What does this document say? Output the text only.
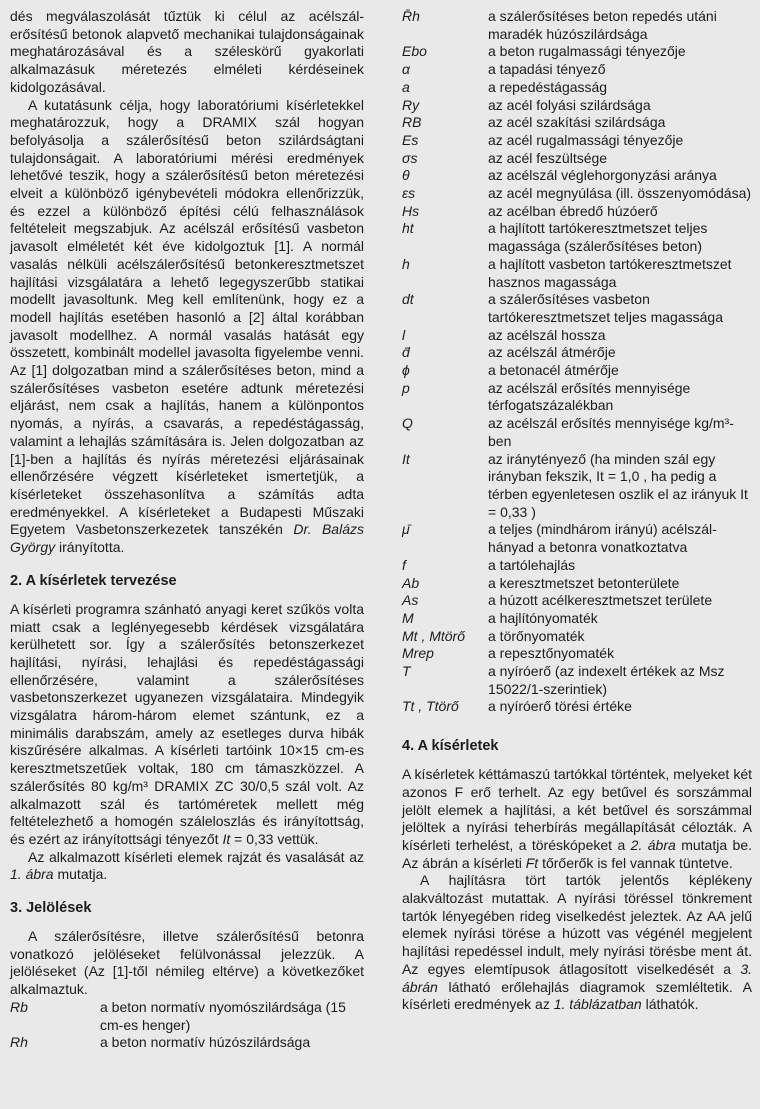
dés megválaszolását tűztük ki célul az acélszál-erősítésű betonok alapvető mechanikai tulajdonságainak meghatározásával és a széleskörű gyakorlati alkalmazásuk méretezés elméleti kérdéseinek kidolgozásával.

A kutatásunk célja, hogy laboratóriumi kísérletekkel meghatározzuk, hogy a DRAMIX szál hogyan befolyásolja a szálerősítésű beton szilárdságtani tulajdonságait. A laboratóriumi mérési eredmények lehetővé teszik, hogy a szálerősítésű beton méretezési elveit a különböző igénybevételi módokra ellenőrizzük, és ezzel a különböző építési célú felhasználások feltételeit megszabjuk. Az acélszál erősítésű vasbeton javasolt elméletét két éve kidolgoztuk [1]. A normál vasalás nélküli acélszálerősítésű betonkeresztmetszet hajlítási vizsgálatára a lehető legegyszerűbb statikai modellt javasoltunk. Meg kell említenünk, hogy ez a modell hajlítás esetében hasonló a [2] által korábban javasolt modellhez. A normál vasalás hatását egy összetett, kombinált modellel javasolta figyelembe venni. Az [1] dolgozatban mind a szálerősítéses beton, mind a szálerősítéses vasbeton esetére adtunk méretezési eljárást, nem csak a hajlítás, hanem a különpontos nyomás, a nyírás, a csavarás, a repedéstágasság, valamint a lehajlás számítására is. Jelen dolgozatban az [1]-ben a hajlítás és nyírás méretezési eljárásainak ellenőrzésére végzett kísérleteket ismertetjük, a kísérleteket összehasonlítva a számítás adta eredményekkel. A kísérleteket a Budapesti Műszaki Egyetem Vasbetonszerkezetek tanszékén Dr. Balázs György irányította.

2. A kísérletek tervezése

A kísérleti programra szánható anyagi keret szűkös volta miatt csak a leglényegesebb kérdések vizsgálatára kerülhetett sor. Így a szálerősítés betonszerkezet hajlítási, nyírási, lehajlási és repedéstágassági ellenőrzésére, valamint a szálerősítéses vasbetonszerkezet ugyanezen vizsgálataira. Mindegyik vizsgálatra három-három elemet szántunk, ez a minimális darabszám, amely az esetleges durva hibák kiszűrésére alkalmas. A kísérleti tartóink 10×15 cm-es keresztmetszetűek voltak, 180 cm támaszközzel. A szálerősítés 80 kg/m³ DRAMIX ZC 30/0,5 szál volt. Az alkalmazott szál és tartóméretek mellett még feltételezhető a homogén száleloszlás és irányítottság, és ezért az irányítottsági tényezőt It = 0,33 vettük.

Az alkalmazott kísérleti elemek rajzát és vasalását az 1. ábra mutatja.

3. Jelölések

A szálerősítésre, illetve szálerősítésű betonra vonatkozó jelöléseket felülvonással jelezzük. A jelöléseket (Az [1]-től némileg eltérve) a következőket alkalmaztuk.

Rb	a beton normatív nyomószilárdsága (15 cm-es henger)
Rh	a beton normatív húzószilárdsága
R̄h	a szálerősítéses beton repedés utáni maradék húzószilárdsága
Ebo	a beton rugalmassági tényezője
α	a tapadási tényező
a	a repedéstágasság
Ry	az acél folyási szilárdsága
RB	az acél szakítási szilárdsága
Es	az acél rugalmassági tényezője
σs	az acél feszültsége
θ	az acélszál véglehorgonyzási aránya
εs	az acél megnyúlása (ill. összenyomódása)
Hs	az acélban ébredő húzóerő
ht	a hajlított tartókeresztmetszet teljes magassága (szálerősítéses beton)
h	a hajlított vasbeton tartókeresztmetszet hasznos magassága
dt	a szálerősítéses vasbeton tartókeresztmetszet teljes magassága
l	az acélszál hossza
d̄	az acélszál átmérője
ϕ	a betonacél átmérője
p	az acélszál erősítés mennyisége térfogatszázalékban
Q	az acélszál erősítés mennyisége kg/m³-ben
It	az iránytényező (ha minden szál egy irányban fekszik, It = 1,0 , ha pedig a térben egyenletesen oszlik el az irányuk It = 0,33 )
μ̄	a teljes (mindhárom irányú) acélszál-hányad a betonra vonatkoztatva
f	a tartólehajlás
Ab	a keresztmetszet betonterülete
As	a húzott acélkeresztmetszet területe
M	a hajlítónyomaték
Mt , Mtörő	a törőnyomaték
Mrep	a repesztőnyomaték
T	a nyíróerő (az indexelt értékek az Msz 15022/1-szerintiek)
Tt , Ttörő	a nyíróerő törési értéke
4. A kísérletek

A kísérletek kéttámaszú tartókkal történtek, melyeket két azonos F erő terhelt. Az egy betűvel és sorszámmal jelölt elemek a hajlítási, a két betűvel és sorszámmal jelöltek a nyírási teherbírás megállapítását célozták. A kísérleti terhelést, a töréskópeket a 2. ábra mutatja be. Az ábrán a kísérleti Ft tőrőerők is fel vannak tüntetve.

A hajlításra tört tartók jelentős képlékeny alakváltozást mutattak. A nyírási töréssel tönkrement tartók lényegében rideg viselkedést jeleztek. Az AA jelű elemek nyírási törése a húzott vas végénél megjelent hajlítási repedéssel indult, mely nyírási törésbe ment át. Az egyes elemtípusok átlagosított viselkedését a 3. ábrán látható erőlehajlás diagramok szemléltetik. A kísérleti eredmények az 1. táblázatban láthatók.
